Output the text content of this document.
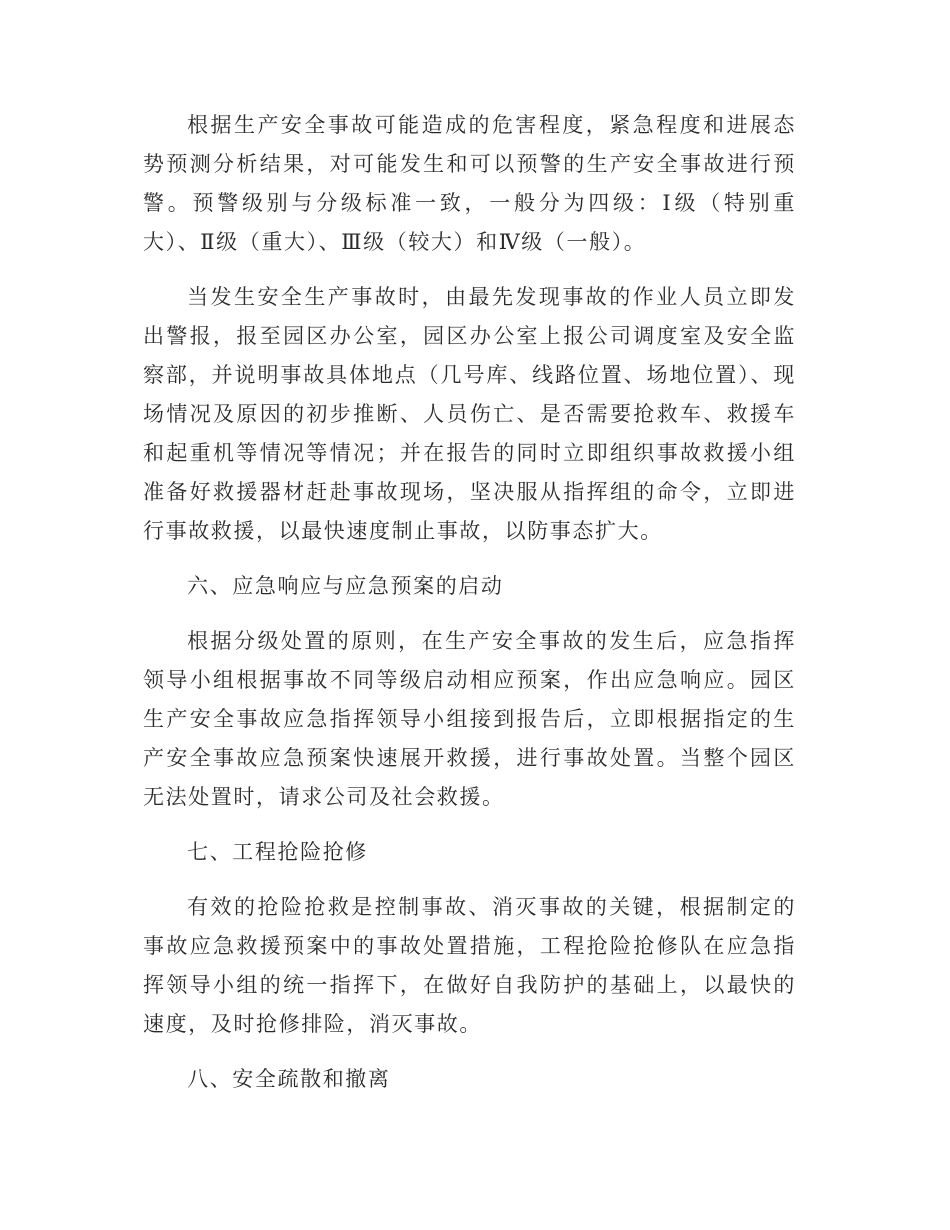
根据生产安全事故可能造成的危害程度，紧急程度和进展态势预测分析结果，对可能发生和可以预警的生产安全事故进行预警。预警级别与分级标准一致，一般分为四级：Ⅰ级（特别重大）、Ⅱ级（重大）、Ⅲ级（较大）和Ⅳ级（一般）。

当发生安全生产事故时，由最先发现事故的作业人员立即发出警报，报至园区办公室，园区办公室上报公司调度室及安全监察部，并说明事故具体地点（几号库、线路位置、场地位置）、现场情况及原因的初步推断、人员伤亡、是否需要抢救车、救援车和起重机等情况等情况；并在报告的同时立即组织事故救援小组准备好救援器材赶赴事故现场，坚决服从指挥组的命令，立即进行事故救援，以最快速度制止事故，以防事态扩大。

六、应急响应与应急预案的启动

根据分级处置的原则，在生产安全事故的发生后，应急指挥领导小组根据事故不同等级启动相应预案，作出应急响应。园区生产安全事故应急指挥领导小组接到报告后，立即根据指定的生产安全事故应急预案快速展开救援，进行事故处置。当整个园区无法处置时，请求公司及社会救援。

七、工程抢险抢修

有效的抢险抢救是控制事故、消灭事故的关键，根据制定的事故应急救援预案中的事故处置措施，工程抢险抢修队在应急指挥领导小组的统一指挥下，在做好自我防护的基础上，以最快的速度，及时抢修排险，消灭事故。

八、安全疏散和撤离
